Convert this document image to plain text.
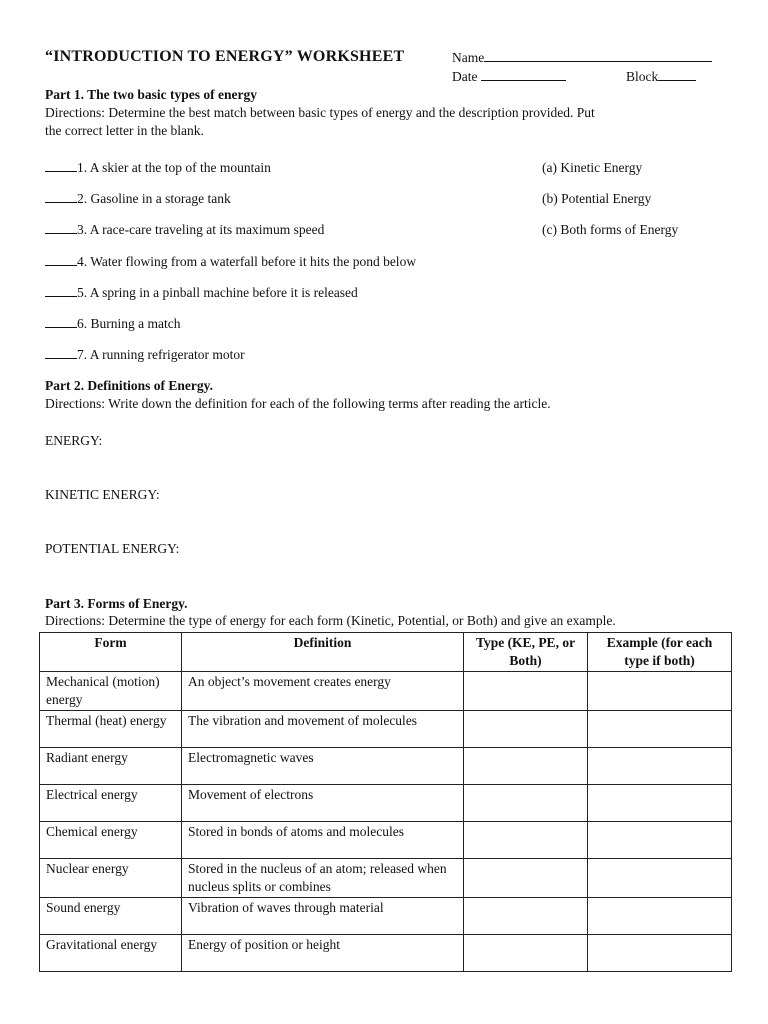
“INTRODUCTION TO ENERGY” WORKSHEET	Name
Date	Block
Part 1. The two basic types of energy
Directions: Determine the best match between basic types of energy and the description provided. Put
the correct letter in the blank.
1. A skier at the top of the mountain
2. Gasoline in a storage tank
3. A race-care traveling at its maximum speed
4. Water flowing from a waterfall before it hits the pond below
5. A spring in a pinball machine before it is released
6. Burning a match
7. A running refrigerator motor
(a) Kinetic Energy
(b) Potential Energy
(c) Both forms of Energy
Part 2. Definitions of Energy.
Directions: Write down the definition for each of the following terms after reading the article.
ENERGY:
KINETIC ENERGY:
POTENTIAL ENERGY:
Part 3. Forms of Energy.
Directions: Determine the type of energy for each form (Kinetic, Potential, or Both) and give an example.
Form	Definition	Type (KE, PE, or Both)	Example (for each type if both)
Mechanical (motion) energy	An object’s movement creates energy		
Thermal (heat) energy	The vibration and movement of molecules		
Radiant energy	Electromagnetic waves		
Electrical energy	Movement of electrons		
Chemical energy	Stored in bonds of atoms and molecules		
Nuclear energy	Stored in the nucleus of an atom; released when nucleus splits or combines		
Sound energy	Vibration of waves through material		
Gravitational energy	Energy of position or height		
